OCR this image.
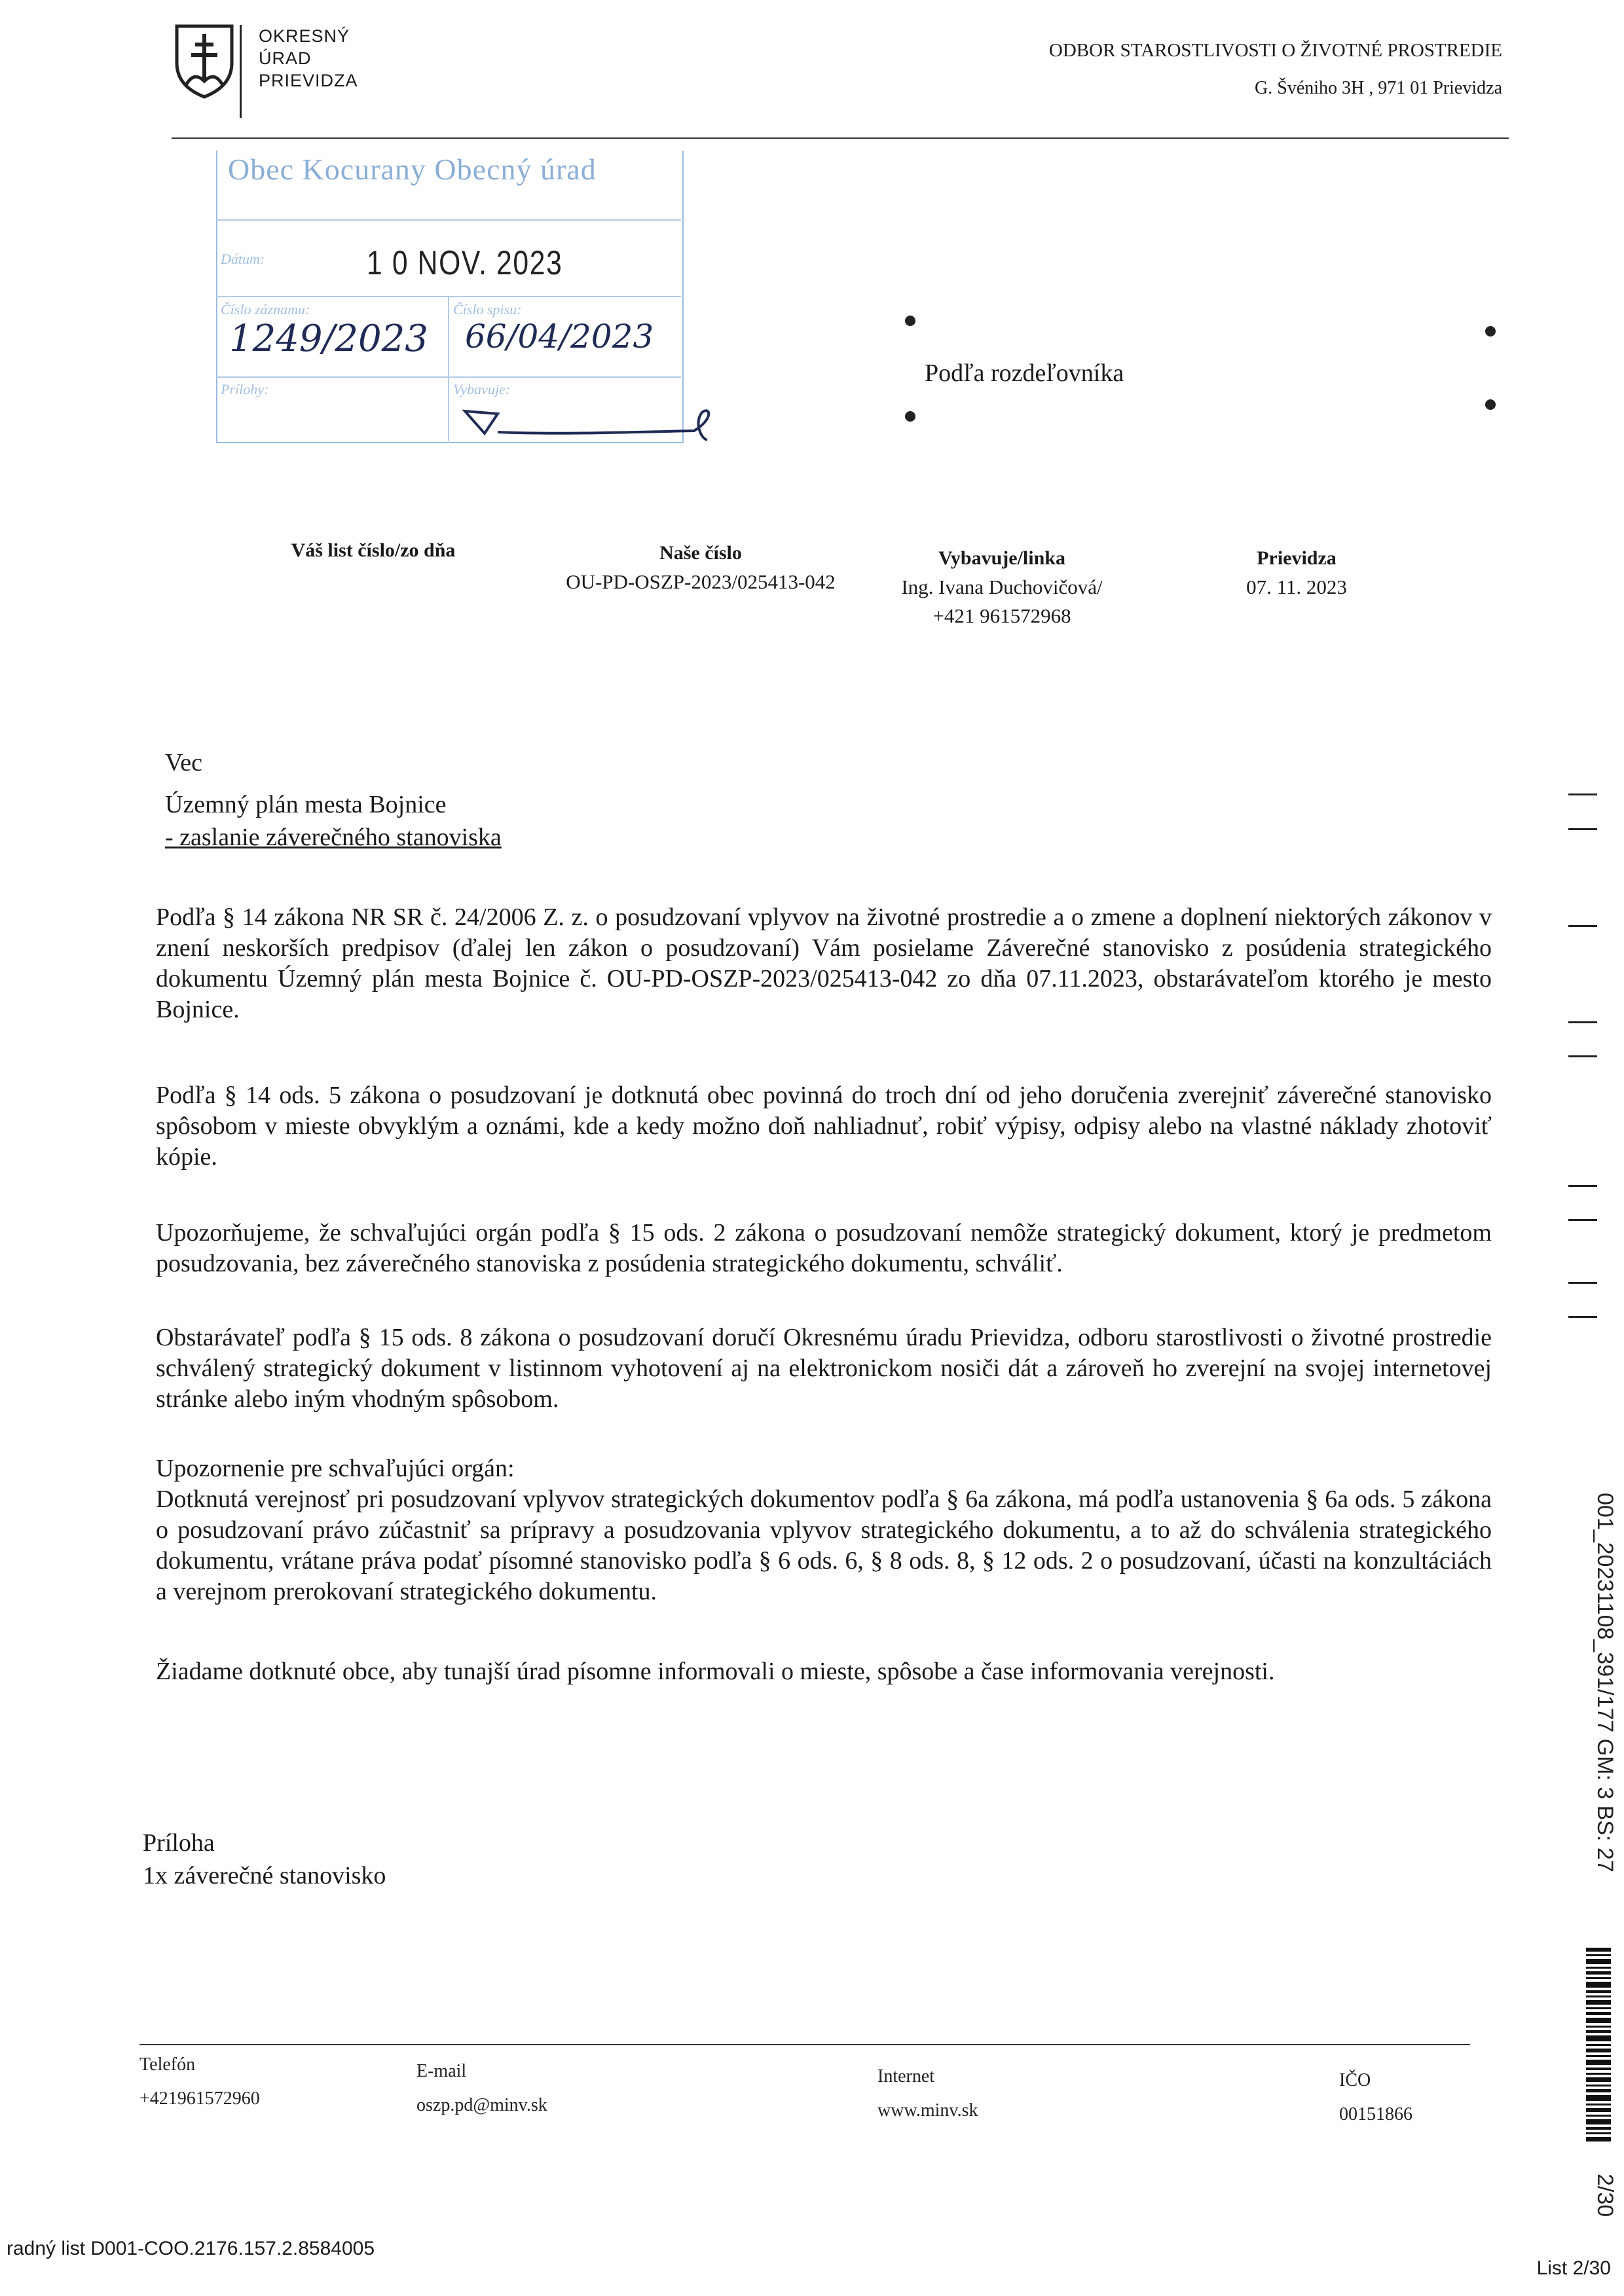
OKRESNÝ
ÚRAD
PRIEVIDZA
ODBOR STAROSTLIVOSTI O ŽIVOTNÉ PROSTREDIE
G. Švéniho 3H , 971 01 Prievidza
Obec Kocurany Obecný úrad
Dátum:	1 0 NOV. 2023
Číslo záznamu:
1249/2023
Číslo spisu:
66/04/2023
Prílohy:	Vybavuje:
Podľa rozdeľovníka
Váš list číslo/zo dňa	Naše číslo
OU-PD-OSZP-2023/025413-042
Vybavuje/linka
Ing. Ivana Duchovičová/
+421 961572968
Prievidza
07. 11. 2023
Vec
Územný plán mesta Bojnice
- zaslanie záverečného stanoviska
Podľa § 14 zákona NR SR č. 24/2006 Z. z. o posudzovaní vplyvov na životné prostredie a o zmene a doplnení niektorých zákonov v znení neskorších predpisov (ďalej len zákon o posudzovaní) Vám posielame Záverečné stanovisko z posúdenia strategického dokumentu Územný plán mesta Bojnice č. OU-PD-OSZP-2023/025413-042 zo dňa 07.11.2023, obstarávateľom ktorého je mesto Bojnice.
Podľa § 14 ods. 5 zákona o posudzovaní je dotknutá obec povinná do troch dní od jeho doručenia zverejniť záverečné stanovisko spôsobom v mieste obvyklým a oznámi, kde a kedy možno doň nahliadnuť, robiť výpisy, odpisy alebo na vlastné náklady zhotoviť kópie.
Upozorňujeme, že schvaľujúci orgán podľa § 15 ods. 2 zákona o posudzovaní nemôže strategický dokument, ktorý je predmetom posudzovania, bez záverečného stanoviska z posúdenia strategického dokumentu, schváliť.
Obstarávateľ podľa § 15 ods. 8 zákona o posudzovaní doručí Okresnému úradu Prievidza, odboru starostlivosti o životné prostredie schválený strategický dokument v listinnom vyhotovení aj na elektronickom nosiči dát a zároveň ho zverejní na svojej internetovej stránke alebo iným vhodným spôsobom.
Upozornenie pre schvaľujúci orgán:
Dotknutá verejnosť pri posudzovaní vplyvov strategických dokumentov podľa § 6a zákona, má podľa ustanovenia § 6a ods. 5 zákona o posudzovaní právo zúčastniť sa prípravy a posudzovania vplyvov strategického dokumentu, a to až do schválenia strategického dokumentu, vrátane práva podať písomné stanovisko podľa § 6 ods. 6, § 8 ods. 8, § 12 ods. 2 o posudzovaní, účasti na konzultáciách a verejnom prerokovaní strategického dokumentu.
Žiadame dotknuté obce, aby tunajší úrad písomne informovali o mieste, spôsobe a čase informovania verejnosti.
Príloha
1x záverečné stanovisko
001_20231108_391/177 GM: 3 BS: 27
2/30
Telefón
+421961572960
E-mail
oszp.pd@minv.sk
Internet
www.minv.sk
IČO
00151866
radný list D001-COO.2176.157.2.8584005
List 2/30
